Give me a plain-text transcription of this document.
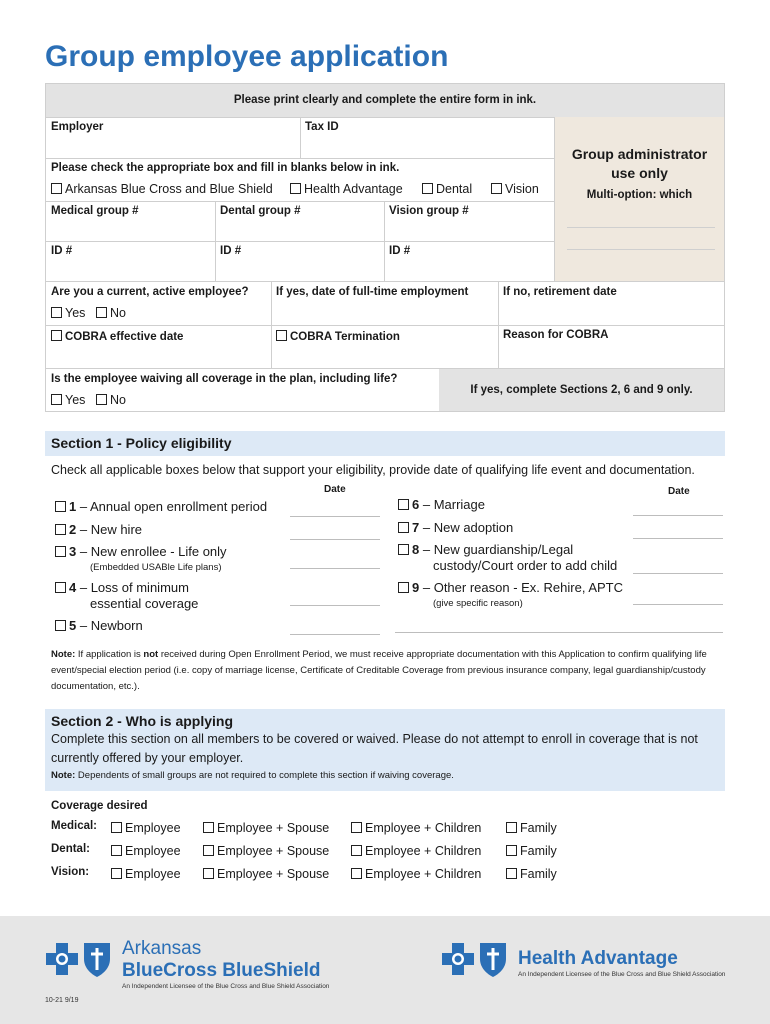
Group employee application
Please print clearly and complete the entire form in ink.
Employer	Tax ID
Please check the appropriate box and fill in blanks below in ink.
Arkansas Blue Cross and Blue Shield	Health Advantage	Dental	Vision
Medical group #	Dental group #	Vision group #
ID #	ID #	ID #
Group administrator use only
Multi-option: which
Are you a current, active employee?
Yes	No
If yes, date of full-time employment	If no, retirement date
COBRA effective date	COBRA Termination	Reason for COBRA
Is the employee waiving all coverage in the plan, including life?
Yes	No
If yes, complete Sections 2, 6 and 9 only.
Section 1 - Policy eligibility
Check all applicable boxes below that support your eligibility, provide date of qualifying life event and documentation.
Date	Date
1 – Annual open enrollment period
2 – New hire
3 – New enrollee - Life only
(Embedded USABle Life plans)
4 – Loss of minimum
essential coverage
5 – Newborn
6 – Marriage
7 – New adoption
8 – New guardianship/Legal
custody/Court order to add child
9 – Other reason - Ex. Rehire, APTC
(give specific reason)
Note: If application is not received during Open Enrollment Period, we must receive appropriate documentation with this Application to confirm qualifying life event/special election period (i.e. copy of marriage license, Certificate of Creditable Coverage from previous insurance company, legal guardianship/custody documentation, etc.).
Section 2 - Who is applying
Complete this section on all members to be covered or waived. Please do not attempt to enroll in coverage that is not currently offered by your employer.
Note: Dependents of small groups are not required to complete this section if waiving coverage.
Coverage desired
Medical:	Employee	Employee + Spouse	Employee + Children	Family
Dental:	Employee	Employee + Spouse	Employee + Children	Family
Vision:	Employee	Employee + Spouse	Employee + Children	Family
Arkansas
BlueCross BlueShield
An Independent Licensee of the Blue Cross and Blue Shield Association
Health Advantage
An Independent Licensee of the Blue Cross and Blue Shield Association
10-21 9/19
